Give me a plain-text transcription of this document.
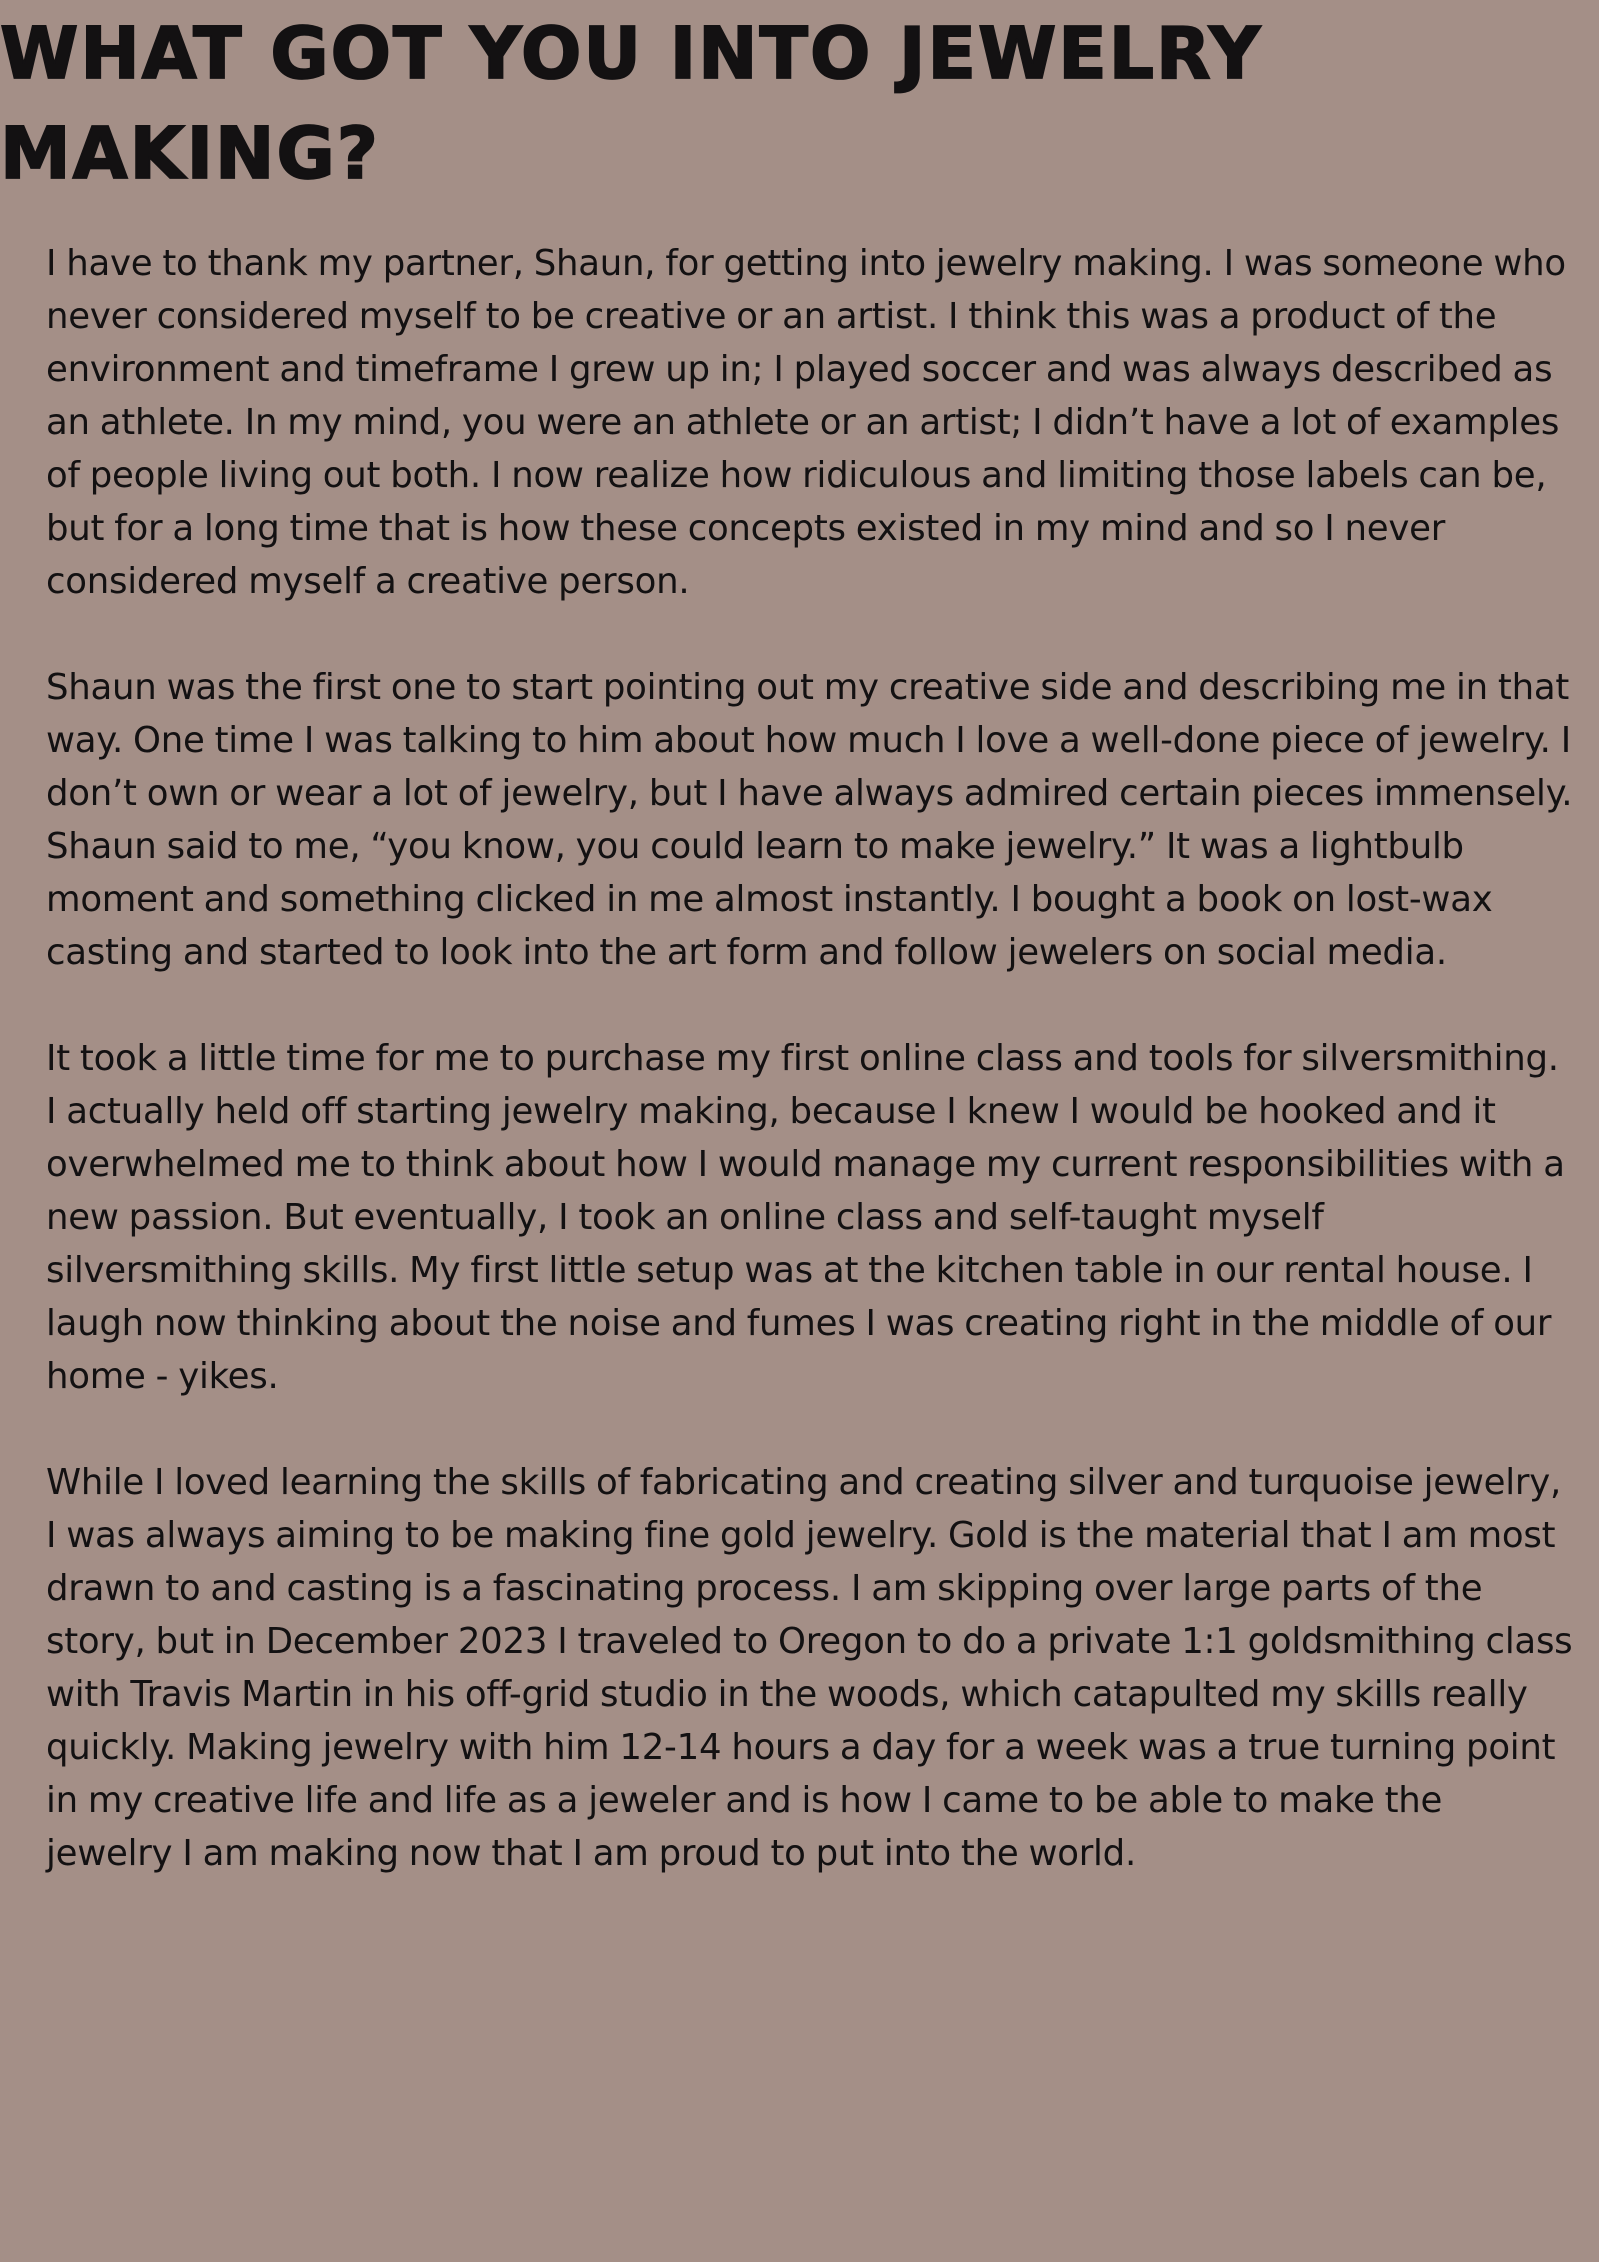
WHAT GOT YOU INTO JEWELRY MAKING?

I have to thank my partner, Shaun, for getting into jewelry making. I was someone who never considered myself to be creative or an artist. I think this was a product of the environment and timeframe I grew up in; I played soccer and was always described as an athlete. In my mind, you were an athlete or an artist; I didn’t have a lot of examples of people living out both. I now realize how ridiculous and limiting those labels can be, but for a long time that is how these concepts existed in my mind and so I never considered myself a creative person.

Shaun was the first one to start pointing out my creative side and describing me in that way. One time I was talking to him about how much I love a well-done piece of jewelry. I don’t own or wear a lot of jewelry, but I have always admired certain pieces immensely. Shaun said to me, “you know, you could learn to make jewelry.” It was a lightbulb moment and something clicked in me almost instantly. I bought a book on lost-wax casting and started to look into the art form and follow jewelers on social media.

It took a little time for me to purchase my first online class and tools for silversmithing. I actually held off starting jewelry making, because I knew I would be hooked and it overwhelmed me to think about how I would manage my current responsibilities with a new passion. But eventually, I took an online class and self-taught myself silversmithing skills. My first little setup was at the kitchen table in our rental house. I laugh now thinking about the noise and fumes I was creating right in the middle of our home - yikes.

While I loved learning the skills of fabricating and creating silver and turquoise jewelry, I was always aiming to be making fine gold jewelry. Gold is the material that I am most drawn to and casting is a fascinating process. I am skipping over large parts of the story, but in December 2023 I traveled to Oregon to do a private 1:1 goldsmithing class with Travis Martin in his off-grid studio in the woods, which catapulted my skills really quickly. Making jewelry with him 12-14 hours a day for a week was a true turning point in my creative life and life as a jeweler and is how I came to be able to make the jewelry I am making now that I am proud to put into the world.
